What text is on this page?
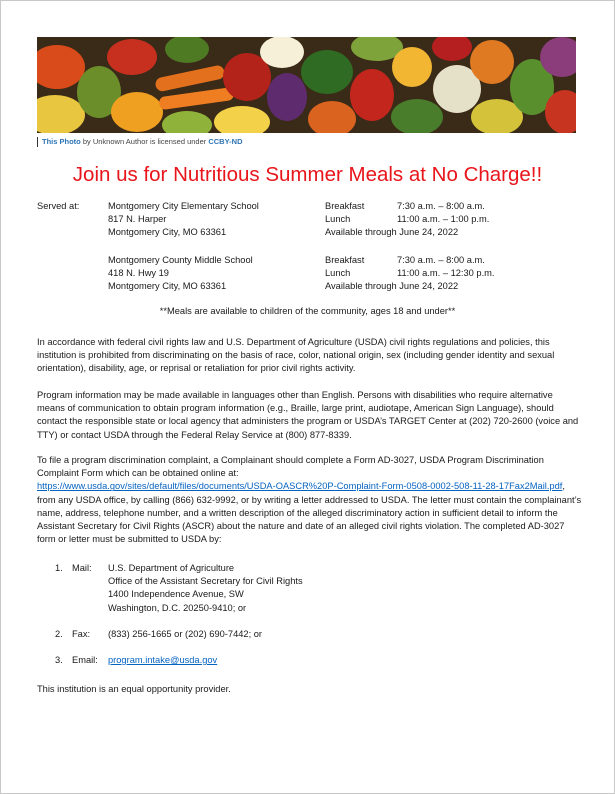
This Photo by Unknown Author is licensed under CCBY-ND
Join us for Nutritious Summer Meals at No Charge!!
Served at:	Montgomery City Elementary School
817 N. Harper
Montgomery City, MO 63361
Breakfast	7:30 a.m. – 8:00 a.m.
Lunch	11:00 a.m. – 1:00 p.m.
Available through June 24, 2022
Montgomery County Middle School
418 N. Hwy 19
Montgomery City, MO 63361
Breakfast	7:30 a.m. – 8:00 a.m.
Lunch	11:00 a.m. – 12:30 p.m.
Available through June 24, 2022
**Meals are available to children of the community, ages 18 and under**
In accordance with federal civil rights law and U.S. Department of Agriculture (USDA) civil rights regulations and policies, this institution is prohibited from discriminating on the basis of race, color, national origin, sex (including gender identity and sexual orientation), disability, age, or reprisal or retaliation for prior civil rights activity.
Program information may be made available in languages other than English. Persons with disabilities who require alternative means of communication to obtain program information (e.g., Braille, large print, audiotape, American Sign Language), should contact the responsible state or local agency that administers the program or USDA’s TARGET Center at (202) 720-2600 (voice and TTY) or contact USDA through the Federal Relay Service at (800) 877-8339.
To file a program discrimination complaint, a Complainant should complete a Form AD-3027, USDA Program Discrimination Complaint Form which can be obtained online at:
https://www.usda.gov/sites/default/files/documents/USDA-OASCR%20P-Complaint-Form-0508-0002-508-11-28-17Fax2Mail.pdf, from any USDA office, by calling (866) 632-9992, or by writing a letter addressed to USDA. The letter must contain the complainant’s name, address, telephone number, and a written description of the alleged discriminatory action in sufficient detail to inform the Assistant Secretary for Civil Rights (ASCR) about the nature and date of an alleged civil rights violation. The completed AD-3027 form or letter must be submitted to USDA by:
1. Mail: U.S. Department of Agriculture
Office of the Assistant Secretary for Civil Rights
1400 Independence Avenue, SW
Washington, D.C. 20250-9410; or
2. Fax: (833) 256-1665 or (202) 690-7442; or
3. Email: program.intake@usda.gov
This institution is an equal opportunity provider.
